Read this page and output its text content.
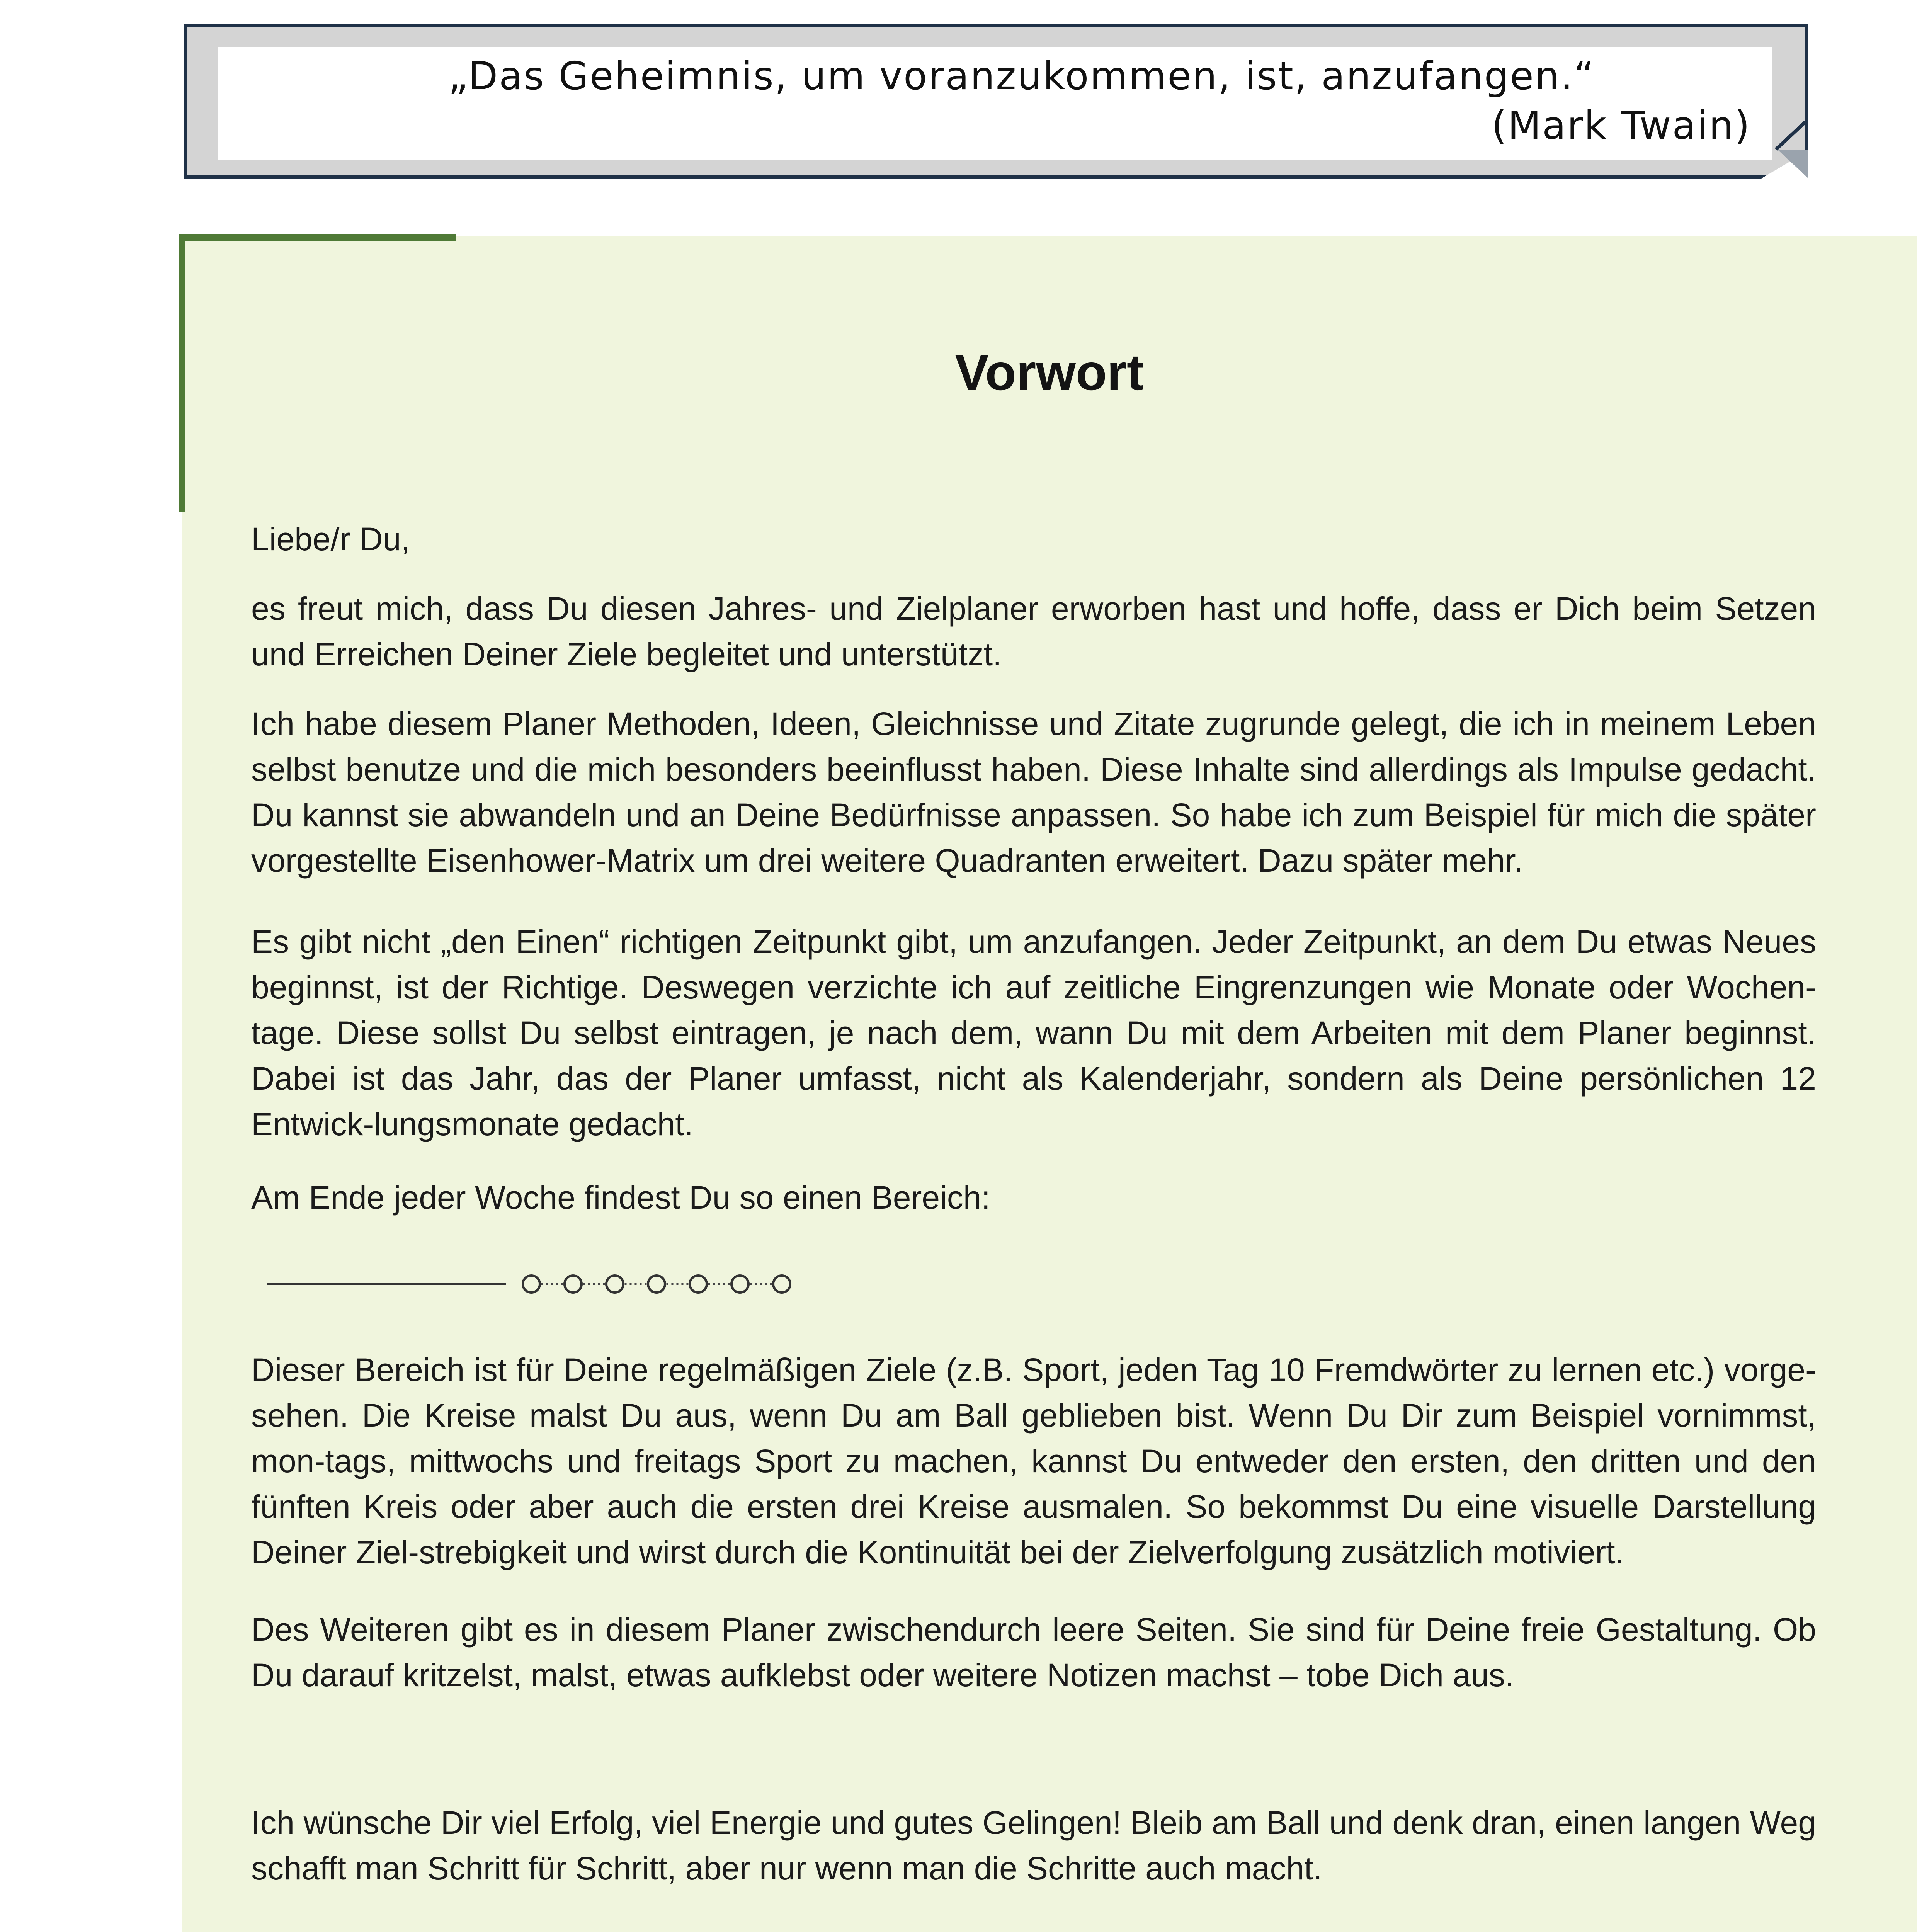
„Das Geheimnis, um voranzukommen, ist, anzufangen.“
(Mark Twain)
Vorwort

Liebe/r Du,

es freut mich, dass Du diesen Jahres- und Zielplaner erworben hast und hoffe, dass er Dich beim Setzen und Erreichen Deiner Ziele begleitet und unterstützt.

Ich habe diesem Planer Methoden, Ideen, Gleichnisse und Zitate zugrunde gelegt, die ich in meinem Leben selbst benutze und die mich besonders beeinflusst haben. Diese Inhalte sind allerdings als Impulse gedacht. Du kannst sie abwandeln und an Deine Bedürfnisse anpassen. So habe ich zum Beispiel für mich die später vorgestellte Eisenhower-Matrix um drei weitere Quadranten erweitert. Dazu später mehr.

Es gibt nicht „den Einen“ richtigen Zeitpunkt gibt, um anzufangen. Jeder Zeitpunkt, an dem Du etwas Neues beginnst, ist der Richtige. Deswegen verzichte ich auf zeitliche Eingrenzungen wie Monate oder Wochen-tage. Diese sollst Du selbst eintragen, je nach dem, wann Du mit dem Arbeiten mit dem Planer beginnst. Dabei ist das Jahr, das der Planer umfasst, nicht als Kalenderjahr, sondern als Deine persönlichen 12 Entwick-lungsmonate gedacht.

Am Ende jeder Woche findest Du so einen Bereich:

Dieser Bereich ist für Deine regelmäßigen Ziele (z.B. Sport, jeden Tag 10 Fremdwörter zu lernen etc.) vorge-sehen. Die Kreise malst Du aus, wenn Du am Ball geblieben bist. Wenn Du Dir zum Beispiel vornimmst, mon-tags, mittwochs und freitags Sport zu machen, kannst Du entweder den ersten, den dritten und den fünften Kreis oder aber auch die ersten drei Kreise ausmalen. So bekommst Du eine visuelle Darstellung Deiner Ziel-strebigkeit und wirst durch die Kontinuität bei der Zielverfolgung zusätzlich motiviert.

Des Weiteren gibt es in diesem Planer zwischendurch leere Seiten. Sie sind für Deine freie Gestaltung. Ob Du darauf kritzelst, malst, etwas aufklebst oder weitere Notizen machst – tobe Dich aus.

Ich wünsche Dir viel Erfolg, viel Energie und gutes Gelingen! Bleib am Ball und denk dran, einen langen Weg schafft man Schritt für Schritt, aber nur wenn man die Schritte auch macht.
